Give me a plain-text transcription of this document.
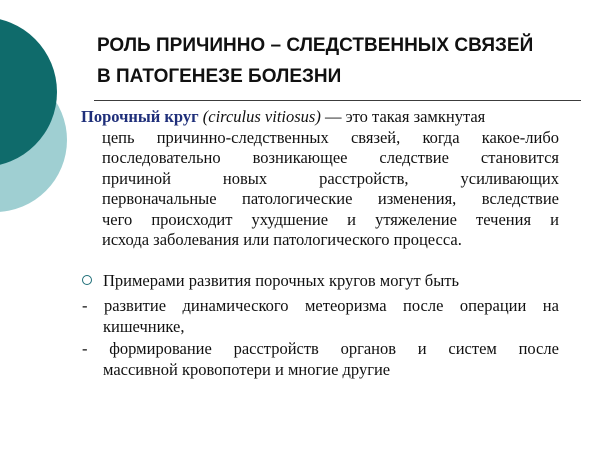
РОЛЬ ПРИЧИННО – СЛЕДСТВЕННЫХ СВЯЗЕЙ
В ПАТОГЕНЕЗЕ БОЛЕЗНИ
Порочный круг (circulus vitiosus) — это такая замкнутая
цепь причинно-следственных связей, когда какое-либо
последовательно возникающее следствие становится
причиной	новых	расстройств,	усиливающих
первоначальные патологические изменения, вследствие
чего происходит ухудшение и утяжеление течения и
исхода заболевания или патологического процесса.
Примерами развития порочных кругов могут быть
- развитие динамического метеоризма после операции на
кишечнике,
- формирование расстройств органов и систем после
массивной кровопотери и многие другие
